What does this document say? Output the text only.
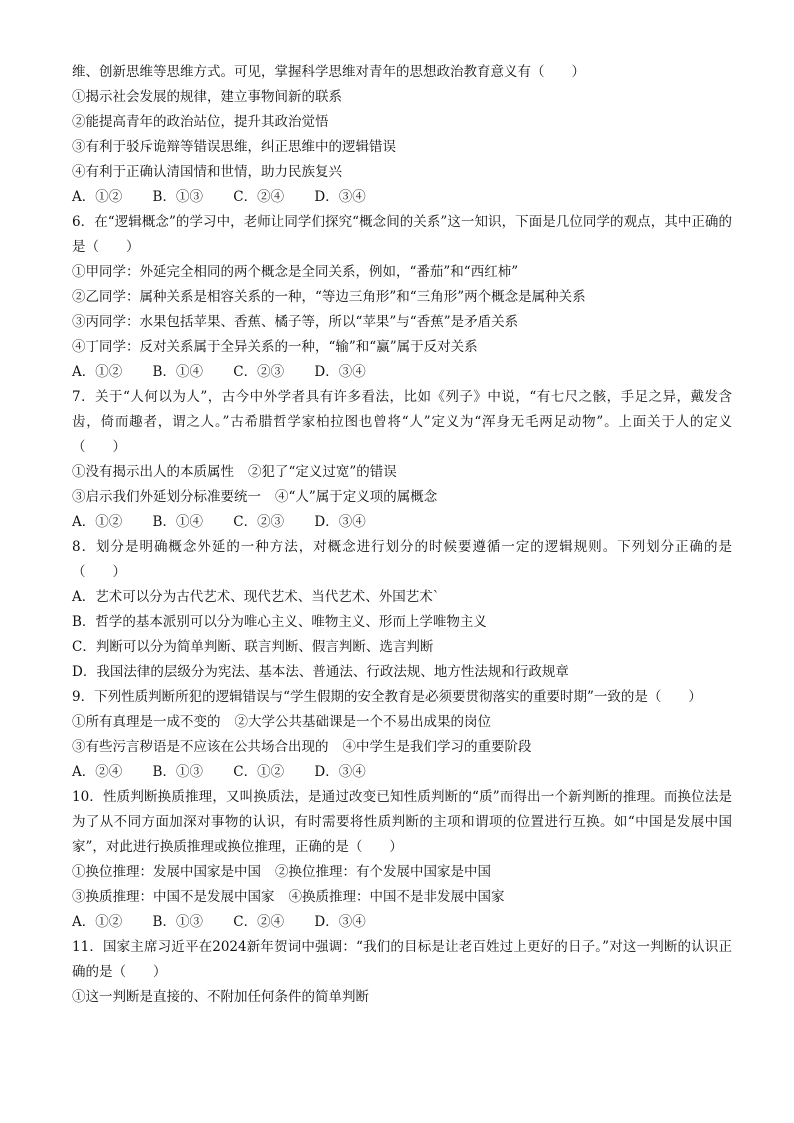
维、创新思维等思维方式。可见，掌握科学思维对青年的思想政治教育意义有（　　）
①揭示社会发展的规律，建立事物间新的联系
②能提高青年的政治站位，提升其政治觉悟
③有利于驳斥诡辩等错误思维，纠正思维中的逻辑错误
④有利于正确认清国情和世情，助力民族复兴
A．①② B．①③ C．②④ D．③④
6．在“逻辑概念”的学习中，老师让同学们探究“概念间的关系”这一知识，下面是几位同学的观点，其中正确的是（　　）
①甲同学：外延完全相同的两个概念是全同关系，例如，“番茄”和“西红柿”
②乙同学：属种关系是相容关系的一种，“等边三角形”和“三角形”两个概念是属种关系
③丙同学：水果包括苹果、香蕉、橘子等，所以“苹果”与“香蕉”是矛盾关系
④丁同学：反对关系属于全异关系的一种，“输”和“赢”属于反对关系
A．①② B．①④ C．②③ D．③④
7．关于“人何以为人”，古今中外学者具有许多看法，比如《列子》中说，“有七尺之骸，手足之异，戴发含齿，倚而趣者，谓之人。”古希腊哲学家柏拉图也曾将“人”定义为“浑身无毛两足动物”。上面关于人的定义（　　）
①没有揭示出人的本质属性 ②犯了“定义过宽”的错误
③启示我们外延划分标准要统一 ④“人”属于定义项的属概念
A．①② B．①④ C．②③ D．③④
8．划分是明确概念外延的一种方法，对概念进行划分的时候要遵循一定的逻辑规则。下列划分正确的是（　　）
A．艺术可以分为古代艺术、现代艺术、当代艺术、外国艺术`
B．哲学的基本派别可以分为唯心主义、唯物主义、形而上学唯物主义
C．判断可以分为简单判断、联言判断、假言判断、选言判断
D．我国法律的层级分为宪法、基本法、普通法、行政法规、地方性法规和行政规章
9．下列性质判断所犯的逻辑错误与“学生假期的安全教育是必须要贯彻落实的重要时期”一致的是（　　）
①所有真理是一成不变的 ②大学公共基础课是一个不易出成果的岗位
③有些污言秽语是不应该在公共场合出现的 ④中学生是我们学习的重要阶段
A．②④ B．①③ C．①② D．③④
10．性质判断换质推理，又叫换质法，是通过改变已知性质判断的“质”而得出一个新判断的推理。而换位法是为了从不同方面加深对事物的认识，有时需要将性质判断的主项和谓项的位置进行互换。如“中国是发展中国家”，对此进行换质推理或换位推理，正确的是（　　）
①换位推理：发展中国家是中国 ②换位推理：有个发展中国家是中国
③换质推理：中国不是发展中国家 ④换质推理：中国不是非发展中国家
A．①② B．①③ C．②④ D．③④
11．国家主席习近平在2024新年贺词中强调：“我们的目标是让老百姓过上更好的日子。”对这一判断的认识正确的是（　　）
①这一判断是直接的、不附加任何条件的简单判断
